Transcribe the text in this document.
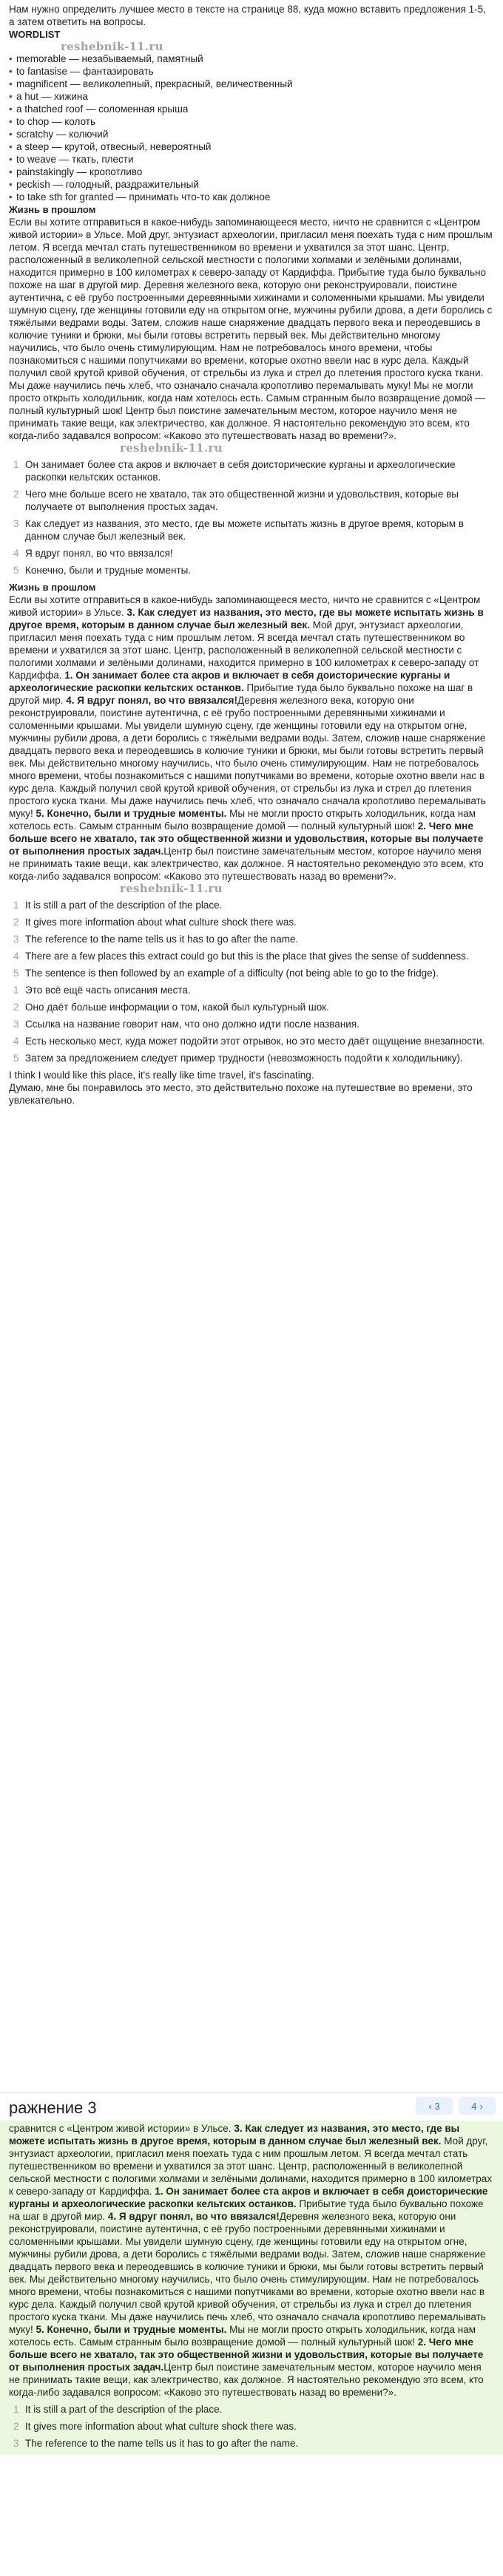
Нам нужно определить лучшее место в тексте на странице 88, куда можно вставить предложения 1-5, а затем ответить на вопросы.

WORDLIST
reshebnik-11.ru
• memorable — незабываемый, памятный
• to fantasise — фантазировать
• magnificent — великолепный, прекрасный, величественный
• a hut — хижина
• a thatched roof — соломенная крыша
• to chop — колоть
• scratchy — колючий
• a steep — крутой, отвесный, невероятный
• to weave — ткать, плести
• painstakingly — кропотливо
• peckish — голодный, раздражительный
• to take sth for granted — принимать что-то как должное
Жизнь в прошлом

Если вы хотите отправиться в какое-нибудь запоминающееся место, ничто не сравнится с «Центром живой истории» в Ульсе. Мой друг, энтузиаст археологии, пригласил меня поехать туда с ним прошлым летом. Я всегда мечтал стать путешественником во времени и ухватился за этот шанс. Центр, расположенный в великолепной сельской местности с пологими холмами и зелёными долинами, находится примерно в 100 километрах к северо-западу от Кардиффа. Прибытие туда было буквально похоже на шаг в другой мир. Деревня железного века, которую они реконструировали, поистине аутентична, с её грубо построенными деревянными хижинами и соломенными крышами. Мы увидели шумную сцену, где женщины готовили еду на открытом огне, мужчины рубили дрова, а дети боролись с тяжёлыми ведрами воды. Затем, сложив наше снаряжение двадцать первого века и переодевшись в колючие туники и брюки, мы были готовы встретить первый век. Мы действительно многому научились, что было очень стимулирующим. Нам не потребовалось много времени, чтобы познакомиться с нашими попутчиками во времени, которые охотно ввели нас в курс дела. Каждый получил свой крутой кривой обучения, от стрельбы из лука и стрел до плетения простого куска ткани. Мы даже научились печь хлеб, что означало сначала кропотливо перемалывать муку! Мы не могли просто открыть холодильник, когда нам хотелось есть. Самым странным было возвращение домой — полный культурный шок! Центр был поистине замечательным местом, которое научило меня не принимать такие вещи, как электричество, как должное. Я настоятельно рекомендую это всем, кто когда-либо задавался вопросом: «Каково это путешествовать назад во времени?».

reshebnik-11.ru
1 Он занимает более ста акров и включает в себя доисторические курганы и археологические раскопки кельтских останков.
2 Чего мне больше всего не хватало, так это общественной жизни и удовольствия, которые вы получаете от выполнения простых задач.
3 Как следует из названия, это место, где вы можете испытать жизнь в другое время, которым в данном случае был железный век.
4 Я вдруг понял, во что ввязался!
5 Конечно, были и трудные моменты.
Жизнь в прошлом

Если вы хотите отправиться в какое-нибудь запоминающееся место, ничто не сравнится с «Центром живой истории» в Ульсе. 3. Как следует из названия, это место, где вы можете испытать жизнь в другое время, которым в данном случае был железный век. Мой друг, энтузиаст археологии, пригласил меня поехать туда с ним прошлым летом. Я всегда мечтал стать путешественником во времени и ухватился за этот шанс. Центр, расположенный в великолепной сельской местности с пологими холмами и зелёными долинами, находится примерно в 100 километрах к северо-западу от Кардиффа. 1. Он занимает более ста акров и включает в себя доисторические курганы и археологические раскопки кельтских останков. Прибытие туда было буквально похоже на шаг в другой мир. 4. Я вдруг понял, во что ввязался!Деревня железного века, которую они реконструировали, поистине аутентична, с её грубо построенными деревянными хижинами и соломенными крышами. Мы увидели шумную сцену, где женщины готовили еду на открытом огне, мужчины рубили дрова, а дети боролись с тяжёлыми ведрами воды. Затем, сложив наше снаряжение двадцать первого века и переодевшись в колючие туники и брюки, мы были готовы встретить первый век. Мы действительно многому научились, что было очень стимулирующим. Нам не потребовалось много времени, чтобы познакомиться с нашими попутчиками во времени, которые охотно ввели нас в курс дела. Каждый получил свой крутой кривой обучения, от стрельбы из лука и стрел до плетения простого куска ткани. Мы даже научились печь хлеб, что означало сначала кропотливо перемалывать муку! 5. Конечно, были и трудные моменты. Мы не могли просто открыть холодильник, когда нам хотелось есть. Самым странным было возвращение домой — полный культурный шок! 2. Чего мне больше всего не хватало, так это общественной жизни и удовольствия, которые вы получаете от выполнения простых задач.Центр был поистине замечательным местом, которое научило меня не принимать такие вещи, как электричество, как должное. Я настоятельно рекомендую это всем, кто когда-либо задавался вопросом: «Каково это путешествовать назад во времени?».

reshebnik-11.ru
1 It is still a part of the description of the place.
2 It gives more information about what culture shock there was.
3 The reference to the name tells us it has to go after the name.
4 There are a few places this extract could go but this is the place that gives the sense of suddenness.
5 The sentence is then followed by an example of a difficulty (not being able to go to the fridge).
1 Это всё ещё часть описания места.
2 Оно даёт больше информации о том, какой был культурный шок.
3 Ссылка на название говорит нам, что оно должно идти после названия.
4 Есть несколько мест, куда может подойти этот отрывок, но это место даёт ощущение внезапности.
5 Затем за предложением следует пример трудности (невозможность подойти к холодильнику).

I think I would like this place, it's really like time travel, it's fascinating.

Думаю, мне бы понравилось это место, это действительно похоже на путешествие во времени, это увлекательно.

ражнение 3	‹ 3	4 ›

сравнится с «Центром живой истории» в Ульсе. 3. Как следует из названия, это место, где вы можете испытать жизнь в другое время, которым в данном случае был железный век. Мой друг, энтузиаст археологии, пригласил меня поехать туда с ним прошлым летом. Я всегда мечтал стать путешественником во времени и ухватился за этот шанс. Центр, расположенный в великолепной сельской местности с пологими холмами и зелёными долинами, находится примерно в 100 километрах к северо-западу от Кардиффа. 1. Он занимает более ста акров и включает в себя доисторические курганы и археологические раскопки кельтских останков. Прибытие туда было буквально похоже на шаг в другой мир. 4. Я вдруг понял, во что ввязался!Деревня железного века, которую они реконструировали, поистине аутентична, с её грубо построенными деревянными хижинами и соломенными крышами. Мы увидели шумную сцену, где женщины готовили еду на открытом огне, мужчины рубили дрова, а дети боролись с тяжёлыми ведрами воды. Затем, сложив наше снаряжение двадцать первого века и переодевшись в колючие туники и брюки, мы были готовы встретить первый век. Мы действительно многому научились, что было очень стимулирующим. Нам не потребовалось много времени, чтобы познакомиться с нашими попутчиками во времени, которые охотно ввели нас в курс дела. Каждый получил свой крутой кривой обучения, от стрельбы из лука и стрел до плетения простого куска ткани. Мы даже научились печь хлеб, что означало сначала кропотливо перемалывать муку! 5. Конечно, были и трудные моменты. Мы не могли просто открыть холодильник, когда нам хотелось есть. Самым странным было возвращение домой — полный культурный шок! 2. Чего мне больше всего не хватало, так это общественной жизни и удовольствия, которые вы получаете от выполнения простых задач.Центр был поистине замечательным местом, которое научило меня не принимать такие вещи, как электричество, как должное. Я настоятельно рекомендую это всем, кто когда-либо задавался вопросом: «Каково это путешествовать назад во времени?».

1 It is still a part of the description of the place.
2 It gives more information about what culture shock there was.
3 The reference to the name tells us it has to go after the name.
